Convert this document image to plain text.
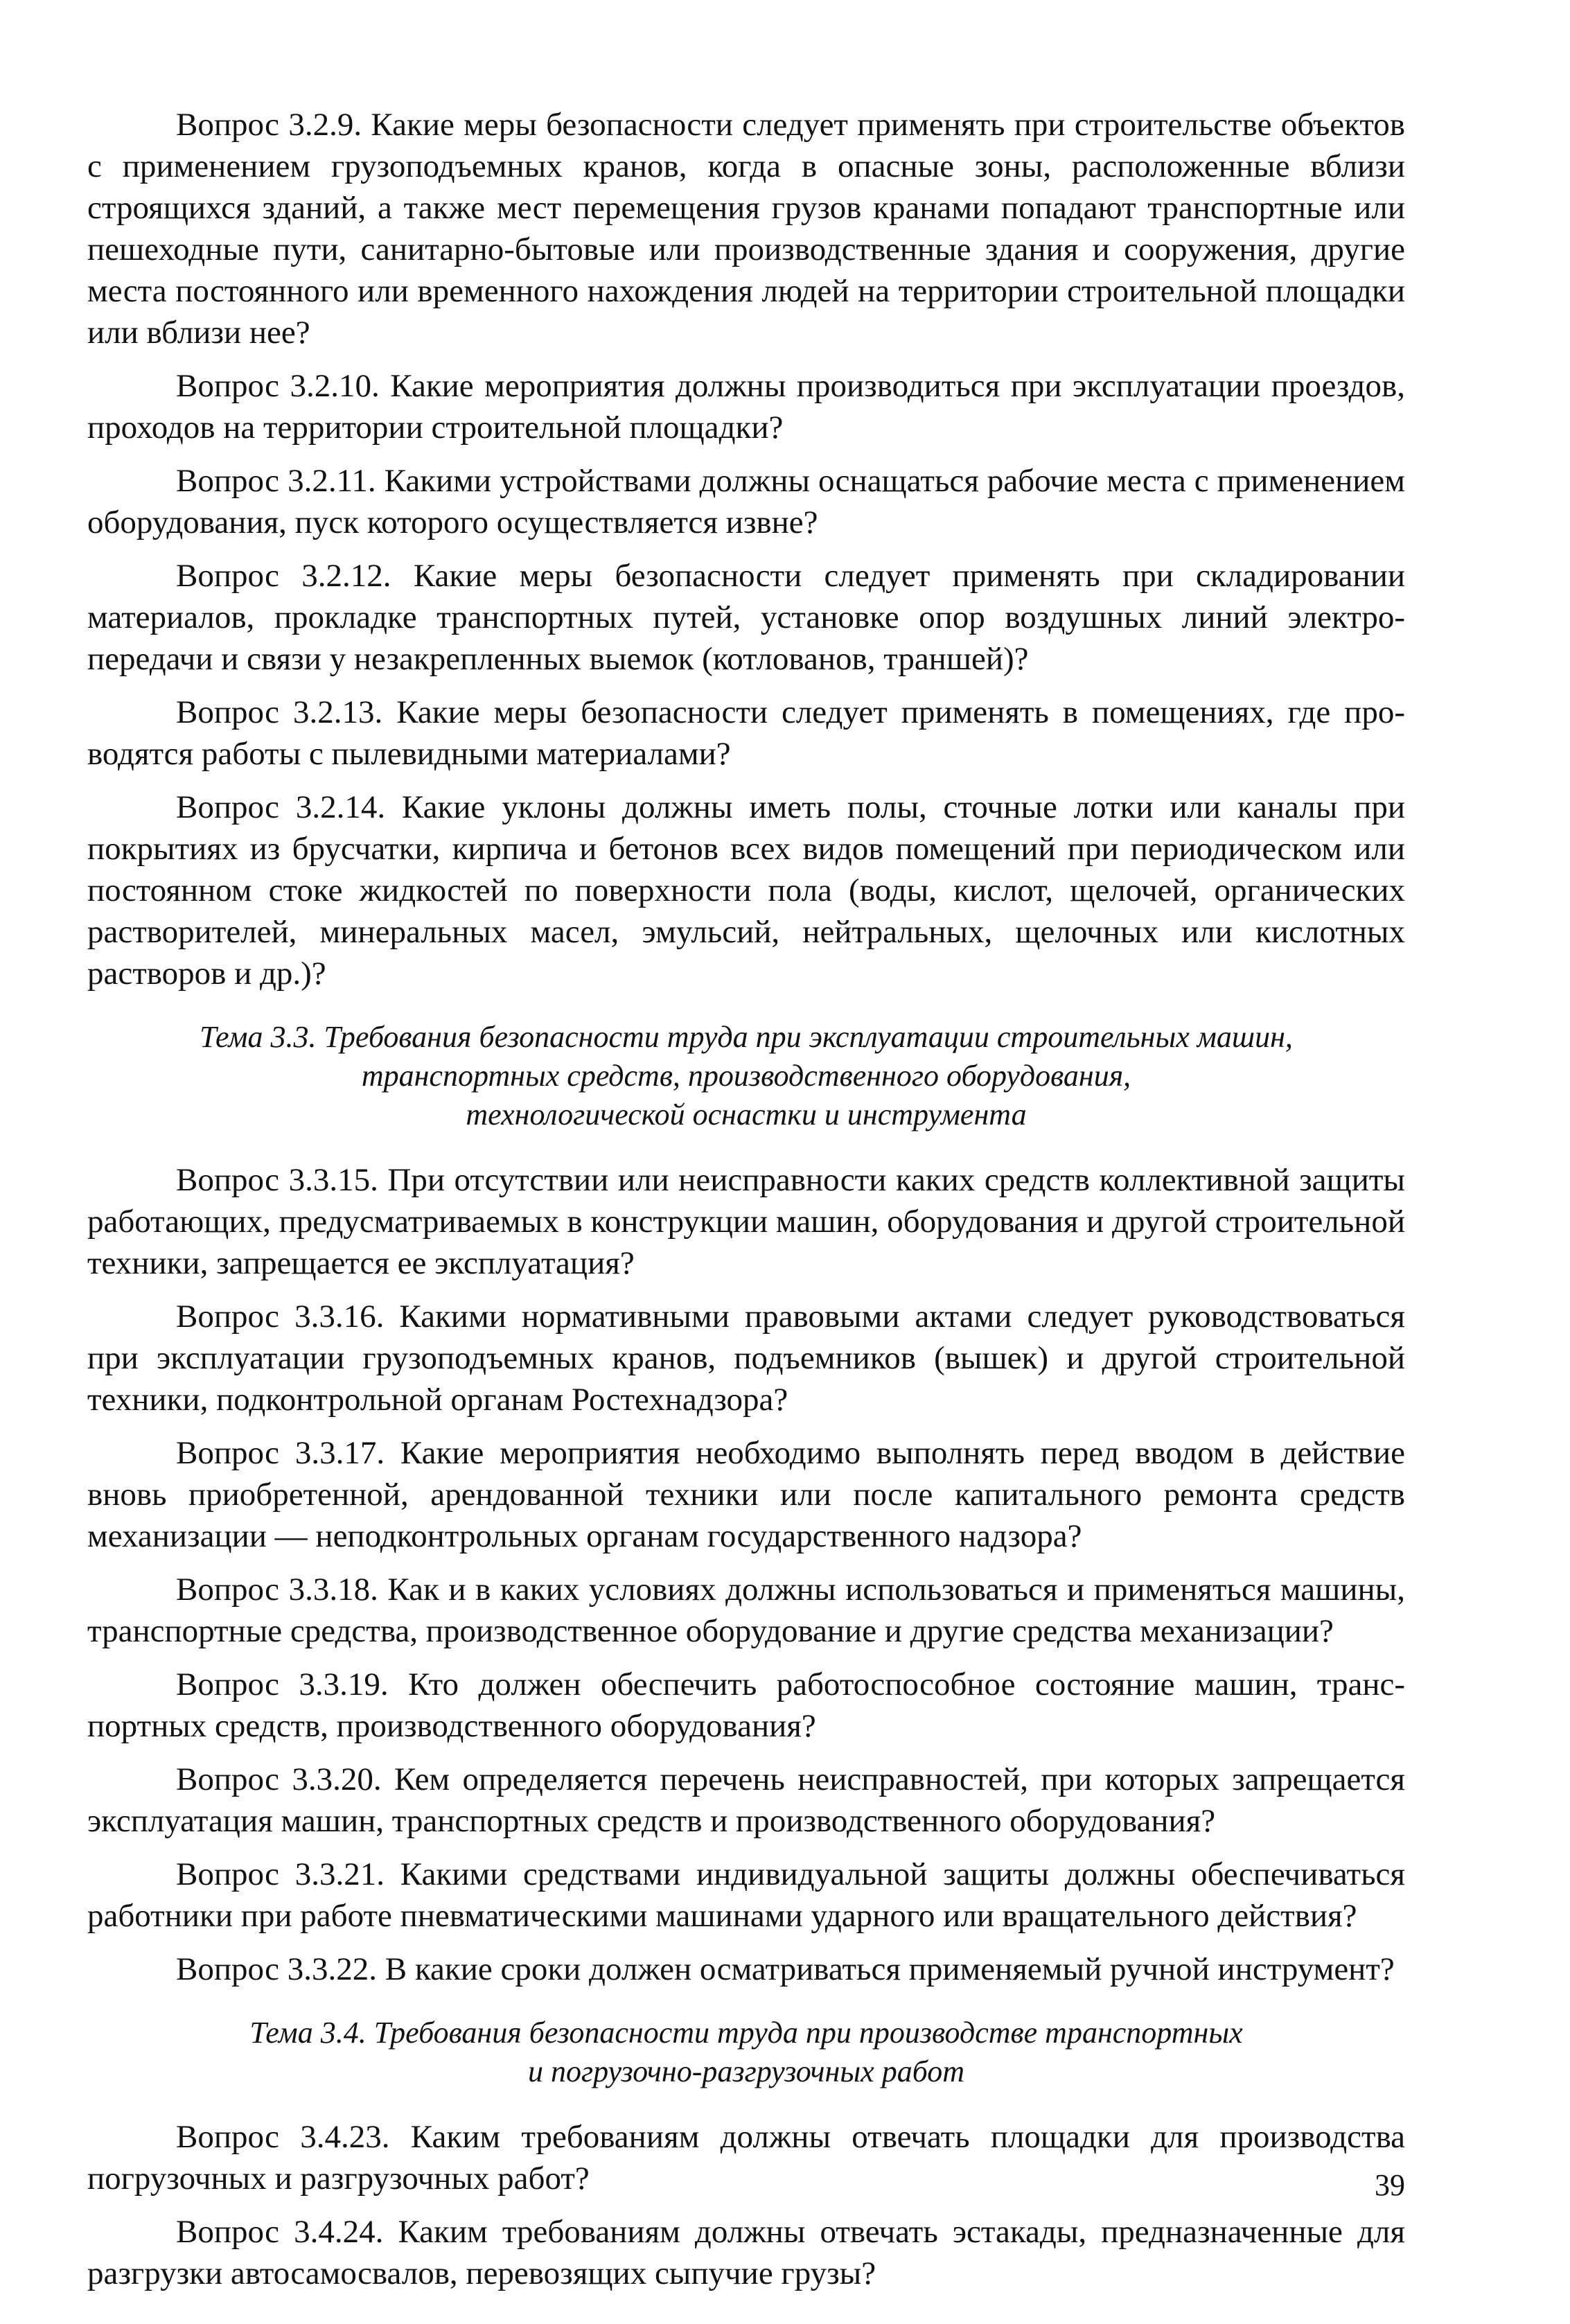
Вопрос 3.2.9. Какие меры безопасности следует применять при строительстве объектов с применением грузоподъемных кранов, когда в опасные зоны, расположенные вблизи строящихся зданий, а также мест перемещения грузов кранами попадают транспортные или пешеходные пути, санитарно-бытовые или производственные здания и сооружения, другие места постоянного или временного нахождения людей на территории строительной площадки или вблизи нее?

Вопрос 3.2.10. Какие мероприятия должны производиться при эксплуатации проездов, проходов на территории строительной площадки?

Вопрос 3.2.11. Какими устройствами должны оснащаться рабочие места с применением оборудования, пуск которого осуществляется извне?

Вопрос 3.2.12. Какие меры безопасности следует применять при складировании материалов, прокладке транспортных путей, установке опор воздушных линий электропередачи и связи у незакрепленных выемок (котлованов, траншей)?

Вопрос 3.2.13. Какие меры безопасности следует применять в помещениях, где проводятся работы с пылевидными материалами?

Вопрос 3.2.14. Какие уклоны должны иметь полы, сточные лотки или каналы при покрытиях из брусчатки, кирпича и бетонов всех видов помещений при периодическом или постоянном стоке жидкостей по поверхности пола (воды, кислот, щелочей, органических растворителей, минеральных масел, эмульсий, нейтральных, щелочных или кислотных растворов и др.)?

Тема 3.3. Требования безопасности труда при эксплуатации строительных машин,
транспортных средств, производственного оборудования,
технологической оснастки и инструмента

Вопрос 3.3.15. При отсутствии или неисправности каких средств коллективной защиты работающих, предусматриваемых в конструкции машин, оборудования и другой строительной техники, запрещается ее эксплуатация?

Вопрос 3.3.16. Какими нормативными правовыми актами следует руководствоваться при эксплуатации грузоподъемных кранов, подъемников (вышек) и другой строительной техники, подконтрольной органам Ростехнадзора?

Вопрос 3.3.17. Какие мероприятия необходимо выполнять перед вводом в действие вновь приобретенной, арендованной техники или после капитального ремонта средств механизации — неподконтрольных органам государственного надзора?

Вопрос 3.3.18. Как и в каких условиях должны использоваться и применяться машины, транспортные средства, производственное оборудование и другие средства механизации?

Вопрос 3.3.19. Кто должен обеспечить работоспособное состояние машин, транспортных средств, производственного оборудования?

Вопрос 3.3.20. Кем определяется перечень неисправностей, при которых запрещается эксплуатация машин, транспортных средств и производственного оборудования?

Вопрос 3.3.21. Какими средствами индивидуальной защиты должны обеспечиваться работники при работе пневматическими машинами ударного или вращательного действия?

Вопрос 3.3.22. В какие сроки должен осматриваться применяемый ручной инструмент?

Тема 3.4. Требования безопасности труда при производстве транспортных
и погрузочно-разгрузочных работ

Вопрос 3.4.23. Каким требованиям должны отвечать площадки для производства погрузочных и разгрузочных работ?

Вопрос 3.4.24. Каким требованиям должны отвечать эстакады, предназначенные для разгрузки автосамосвалов, перевозящих сыпучие грузы?

39
